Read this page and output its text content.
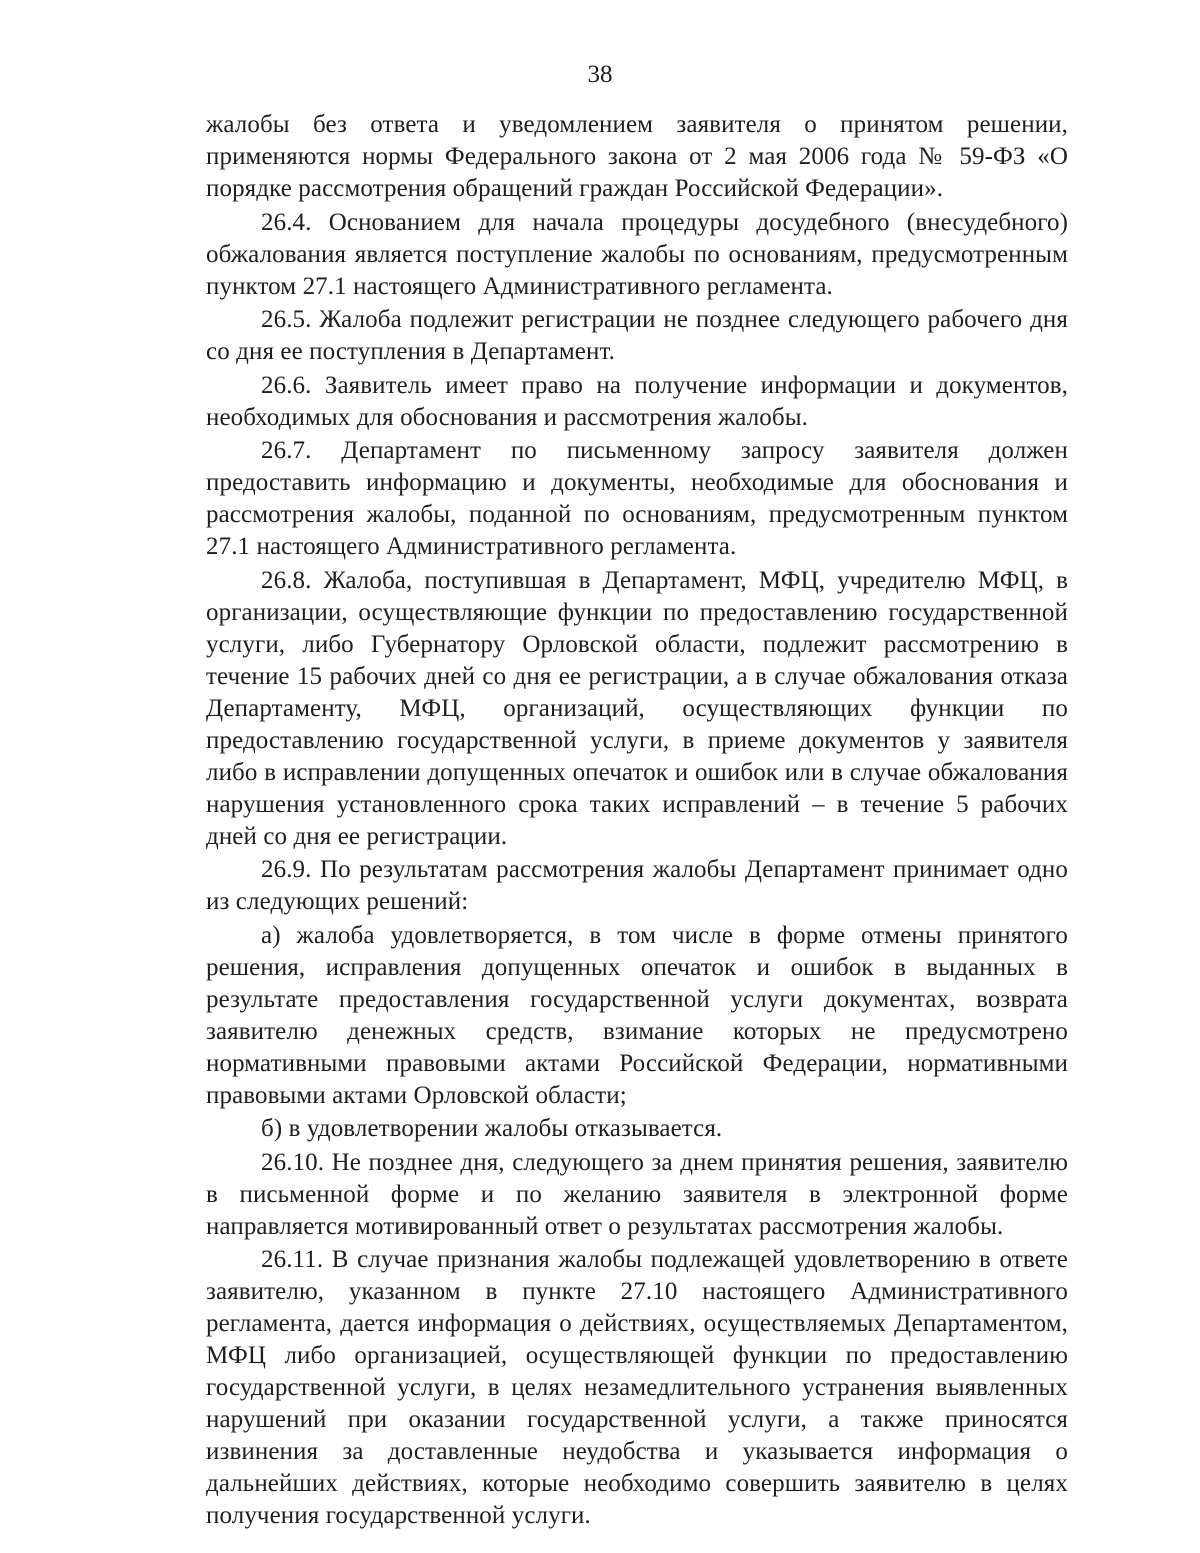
38

жалобы без ответа и уведомлением заявителя о принятом решении, применяются нормы Федерального закона от 2 мая 2006 года № 59-ФЗ «О порядке рассмотрения обращений граждан Российской Федерации».

26.4. Основанием для начала процедуры досудебного (внесудебного) обжалования является поступление жалобы по основаниям, предусмотренным пунктом 27.1 настоящего Административного регламента.

26.5. Жалоба подлежит регистрации не позднее следующего рабочего дня со дня ее поступления в Департамент.

26.6. Заявитель имеет право на получение информации и документов, необходимых для обоснования и рассмотрения жалобы.

26.7. Департамент по письменному запросу заявителя должен предоставить информацию и документы, необходимые для обоснования и рассмотрения жалобы, поданной по основаниям, предусмотренным пунктом 27.1 настоящего Административного регламента.

26.8. Жалоба, поступившая в Департамент, МФЦ, учредителю МФЦ, в организации, осуществляющие функции по предоставлению государственной услуги, либо Губернатору Орловской области, подлежит рассмотрению в течение 15 рабочих дней со дня ее регистрации, а в случае обжалования отказа Департаменту, МФЦ, организаций, осуществляющих функции по предоставлению государственной услуги, в приеме документов у заявителя либо в исправлении допущенных опечаток и ошибок или в случае обжалования нарушения установленного срока таких исправлений – в течение 5 рабочих дней со дня ее регистрации.

26.9. По результатам рассмотрения жалобы Департамент принимает одно из следующих решений:

а) жалоба удовлетворяется, в том числе в форме отмены принятого решения, исправления допущенных опечаток и ошибок в выданных в результате предоставления государственной услуги документах, возврата заявителю денежных средств, взимание которых не предусмотрено нормативными правовыми актами Российской Федерации, нормативными правовыми актами Орловской области;

б) в удовлетворении жалобы отказывается.

26.10. Не позднее дня, следующего за днем принятия решения, заявителю в письменной форме и по желанию заявителя в электронной форме направляется мотивированный ответ о результатах рассмотрения жалобы.

26.11. В случае признания жалобы подлежащей удовлетворению в ответе заявителю, указанном в пункте 27.10 настоящего Административного регламента, дается информация о действиях, осуществляемых Департаментом, МФЦ либо организацией, осуществляющей функции по предоставлению государственной услуги, в целях незамедлительного устранения выявленных нарушений при оказании государственной услуги, а также приносятся извинения за доставленные неудобства и указывается информация о дальнейших действиях, которые необходимо совершить заявителю в целях получения государственной услуги.
